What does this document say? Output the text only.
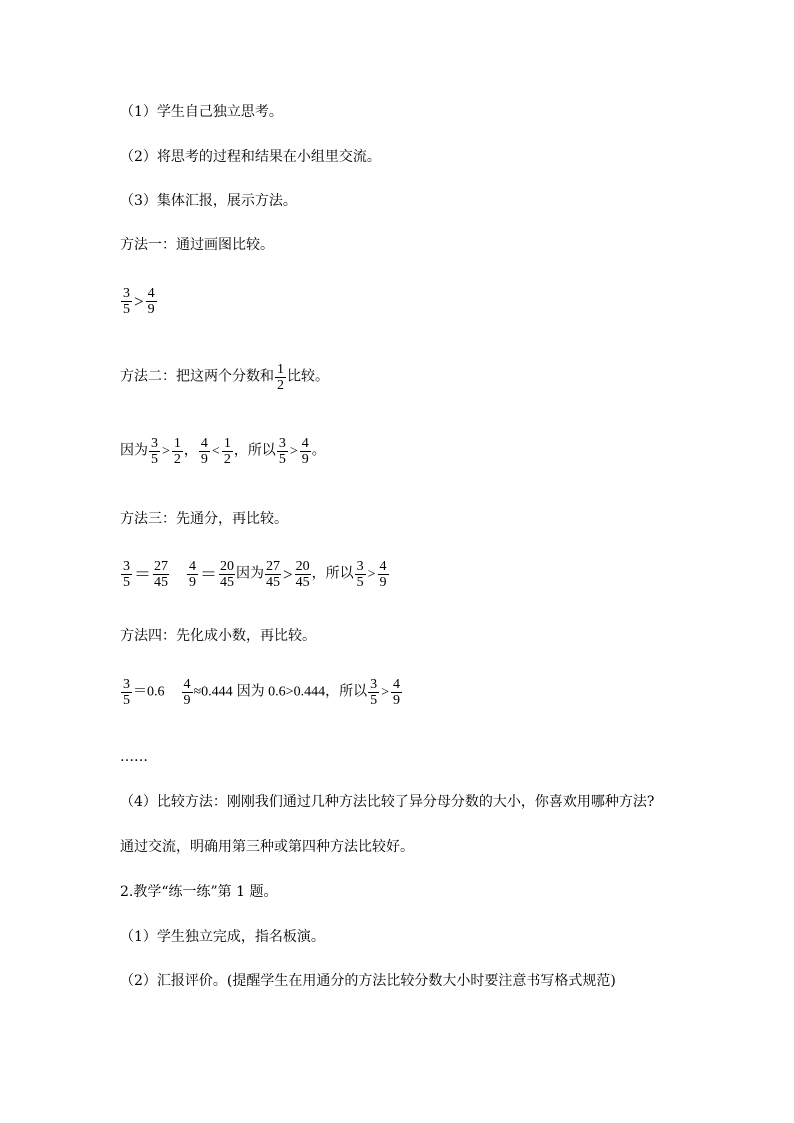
（1）学生自己独立思考。
（2）将思考的过程和结果在小组里交流。
（3）集体汇报，展示方法。
方法一：通过画图比较。
$\frac{3}{5} > \frac{4}{9}$
方法二：把这两个分数和 $\frac{1}{2}$ 比较。
因为 $\frac{3}{5} > \frac{1}{2}$ ， $\frac{4}{9} < \frac{1}{2}$ ，所以 $\frac{3}{5} > \frac{4}{9}$ 。
方法三：先通分，再比较。
$\frac{3}{5} = \frac{27}{45} \frac{4}{9} = \frac{20}{45}$ 因为 $\frac{27}{45} > \frac{20}{45}$ ，所以 $\frac{3}{5} > \frac{4}{9}$
方法四：先化成小数，再比较。
$\frac{3}{5} =0.6 \frac{4}{9} \approx 0.444$ 因为 0.6>0.444，所以 $\frac{3}{5} > \frac{4}{9}$
……
（4）比较方法：刚刚我们通过几种方法比较了异分母分数的大小，你喜欢用哪种方法?
通过交流，明确用第三种或第四种方法比较好。
2.教学“练一练”第 1 题。
（1）学生独立完成，指名板演。
（2）汇报评价。(提醒学生在用通分的方法比较分数大小时要注意书写格式规范)
